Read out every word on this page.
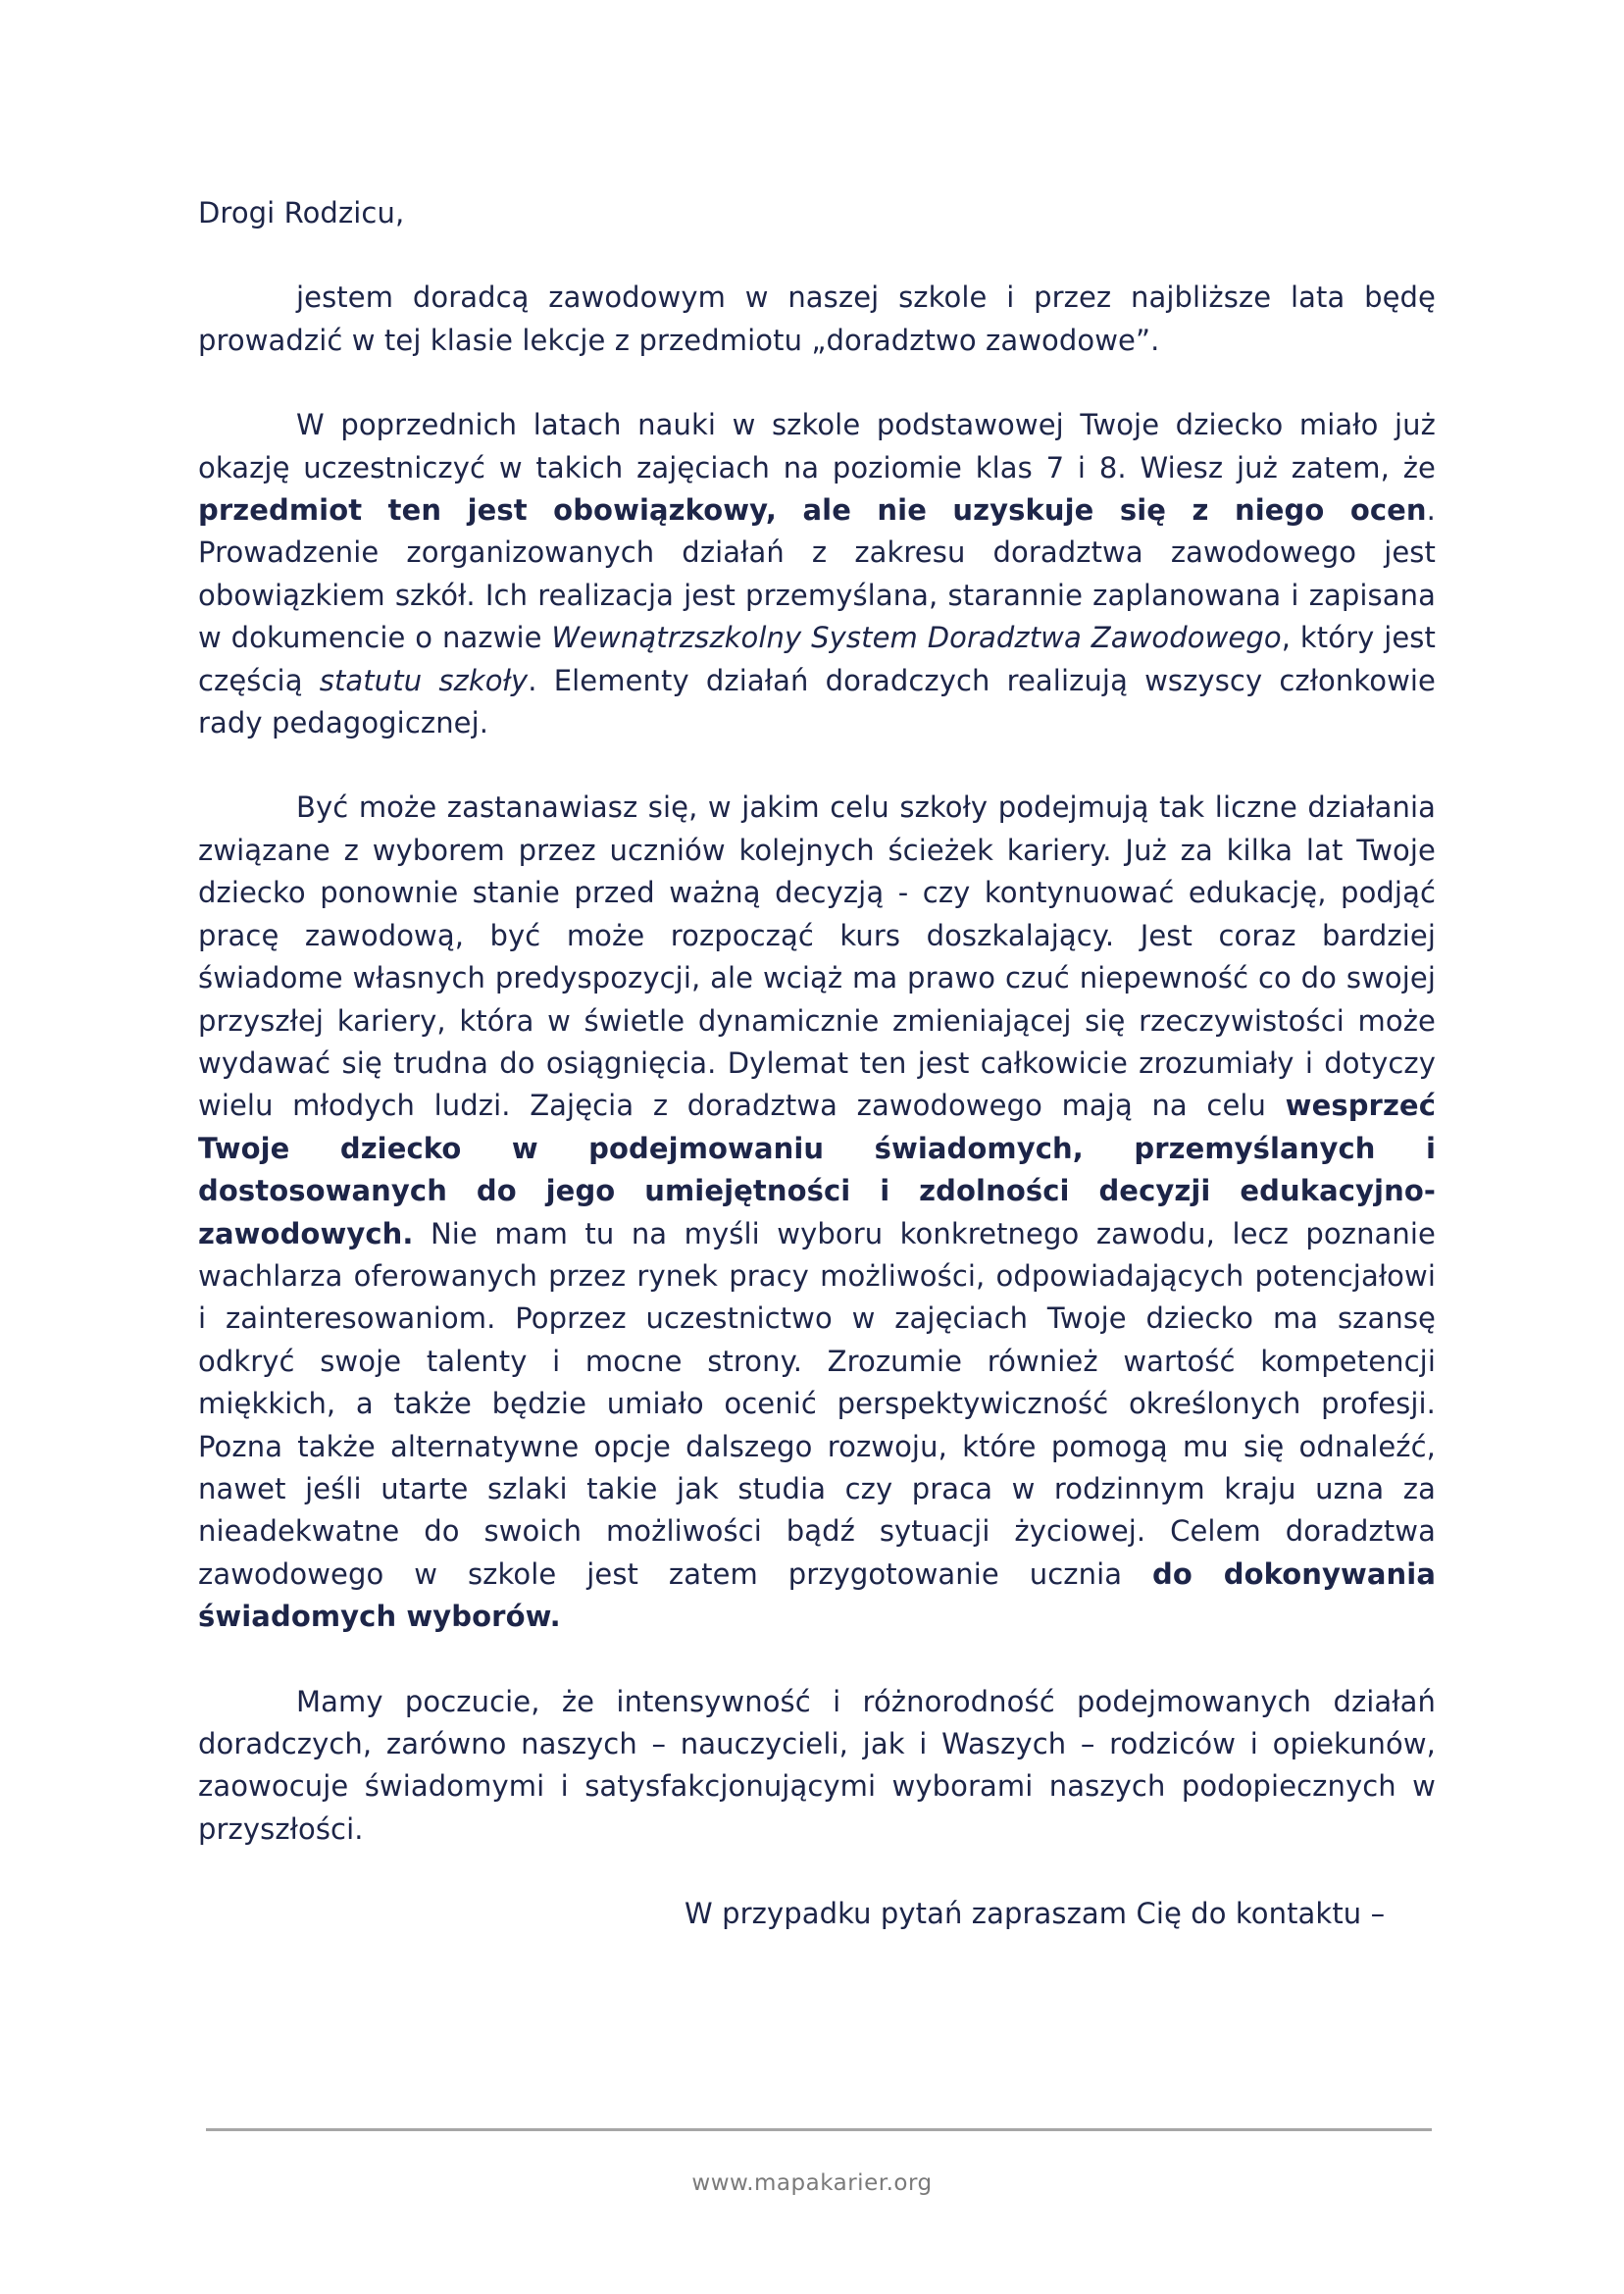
Drogi Rodzicu,

jestem doradcą zawodowym w naszej szkole i przez najbliższe lata będę prowadzić w tej klasie lekcje z przedmiotu „doradztwo zawodowe”.

W poprzednich latach nauki w szkole podstawowej Twoje dziecko miało już okazję uczestniczyć w takich zajęciach na poziomie klas 7 i 8. Wiesz już zatem, że przedmiot ten jest obowiązkowy, ale nie uzyskuje się z niego ocen. Prowadzenie zorganizowanych działań z zakresu doradztwa zawodowego jest obowiązkiem szkół. Ich realizacja jest przemyślana, starannie zaplanowana i zapisana w dokumencie o nazwie Wewnątrzszkolny System Doradztwa Zawodowego, który jest częścią statutu szkoły. Elementy działań doradczych realizują wszyscy członkowie rady pedagogicznej.

Być może zastanawiasz się, w jakim celu szkoły podejmują tak liczne działania związane z wyborem przez uczniów kolejnych ścieżek kariery. Już za kilka lat Twoje dziecko ponownie stanie przed ważną decyzją - czy kontynuować edukację, podjąć pracę zawodową, być może rozpocząć kurs doszkalający. Jest coraz bardziej świadome własnych predyspozycji, ale wciąż ma prawo czuć niepewność co do swojej przyszłej kariery, która w świetle dynamicznie zmieniającej się rzeczywistości może wydawać się trudna do osiągnięcia. Dylemat ten jest całkowicie zrozumiały i dotyczy wielu młodych ludzi. Zajęcia z doradztwa zawodowego mają na celu wesprzeć Twoje dziecko w podejmowaniu świadomych, przemyślanych i dostosowanych do jego umiejętności i zdolności decyzji edukacyjno-zawodowych. Nie mam tu na myśli wyboru konkretnego zawodu, lecz poznanie wachlarza oferowanych przez rynek pracy możliwości, odpowiadających potencjałowi i zainteresowaniom. Poprzez uczestnictwo w zajęciach Twoje dziecko ma szansę odkryć swoje talenty i mocne strony. Zrozumie również wartość kompetencji miękkich, a także będzie umiało ocenić perspektywiczność określonych profesji. Pozna także alternatywne opcje dalszego rozwoju, które pomogą mu się odnaleźć, nawet jeśli utarte szlaki takie jak studia czy praca w rodzinnym kraju uzna za nieadekwatne do swoich możliwości bądź sytuacji życiowej. Celem doradztwa zawodowego w szkole jest zatem przygotowanie ucznia do dokonywania świadomych wyborów.

Mamy poczucie, że intensywność i różnorodność podejmowanych działań doradczych, zarówno naszych – nauczycieli, jak i Waszych – rodziców i opiekunów, zaowocuje świadomymi i satysfakcjonującymi wyborami naszych podopiecznych w przyszłości.

W przypadku pytań zapraszam Cię do kontaktu –

www.mapakarier.org
